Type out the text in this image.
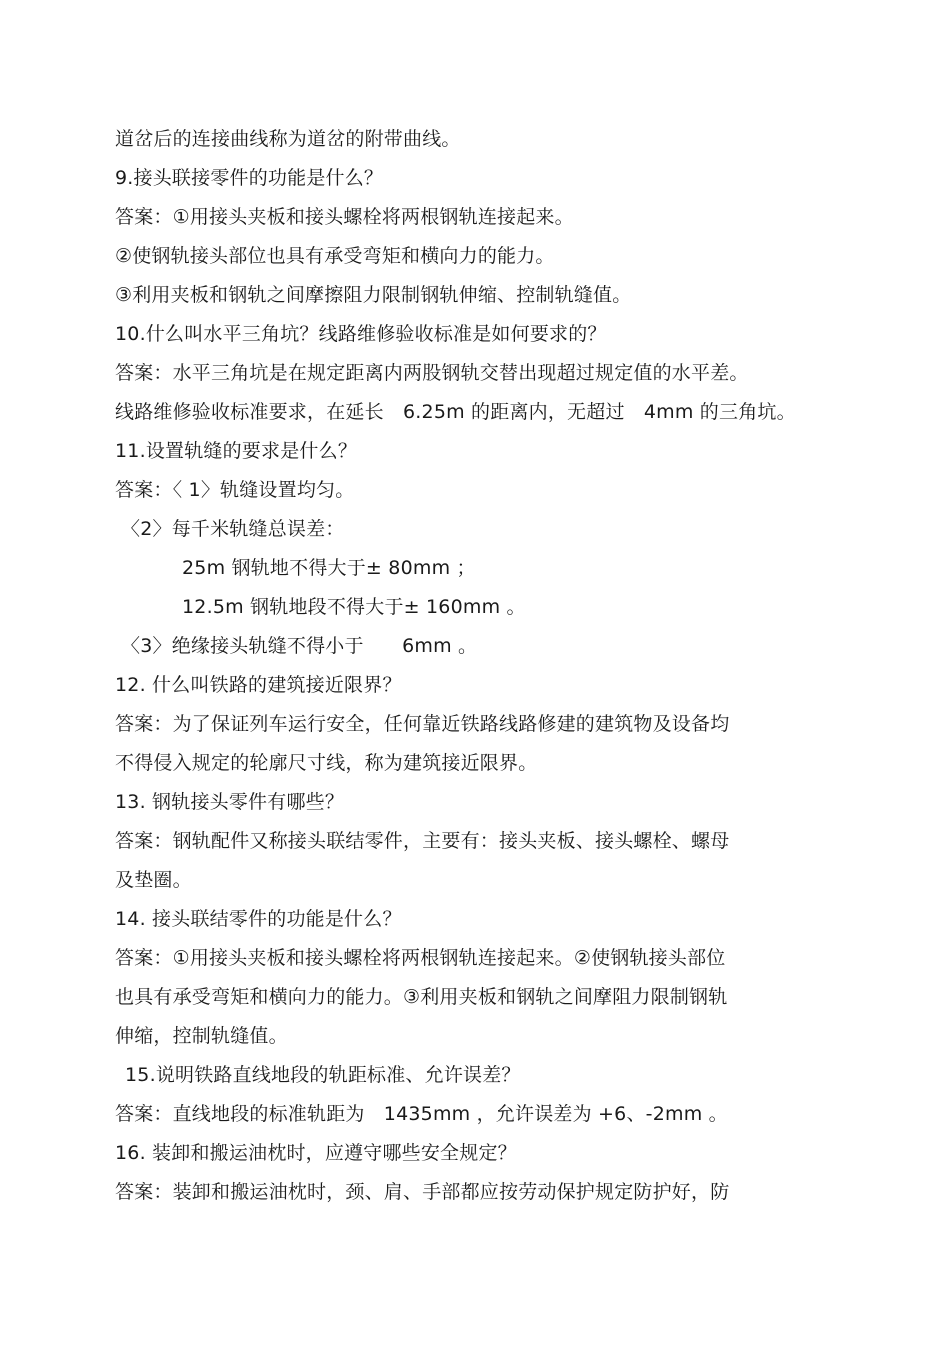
道岔后的连接曲线称为道岔的附带曲线。
9.接头联接零件的功能是什么？
答案：①用接头夹板和接头螺栓将两根钢轨连接起来。
②使钢轨接头部位也具有承受弯矩和横向力的能力。
③利用夹板和钢轨之间摩擦阻力限制钢轨伸缩、控制轨缝值。
10.什么叫水平三角坑？线路维修验收标准是如何要求的？
答案：水平三角坑是在规定距离内两股钢轨交替出现超过规定值的水平差。
线路维修验收标准要求，在延长　6.25m 的距离内，无超过　4mm 的三角坑。
11.设置轨缝的要求是什么？
答案：〈 1〉轨缝设置均匀。
〈2〉每千米轨缝总误差：
25m 钢轨地不得大于± 80mm ；
12.5m 钢轨地段不得大于± 160mm 。
〈3〉绝缘接头轨缝不得小于　　6mm 。
12. 什么叫铁路的建筑接近限界？
答案：为了保证列车运行安全，任何靠近铁路线路修建的建筑物及设备均
不得侵入规定的轮廓尺寸线，称为建筑接近限界。
13. 钢轨接头零件有哪些？
答案：钢轨配件又称接头联结零件，主要有：接头夹板、接头螺栓、螺母
及垫圈。
14. 接头联结零件的功能是什么？
答案：①用接头夹板和接头螺栓将两根钢轨连接起来。②使钢轨接头部位
也具有承受弯矩和横向力的能力。③利用夹板和钢轨之间摩阻力限制钢轨
伸缩，控制轨缝值。
15.说明铁路直线地段的轨距标准、允许误差？
答案：直线地段的标准轨距为　1435mm ，允许误差为 +6、-2mm 。
16. 装卸和搬运油枕时，应遵守哪些安全规定？
答案：装卸和搬运油枕时，颈、肩、手部都应按劳动保护规定防护好，防
